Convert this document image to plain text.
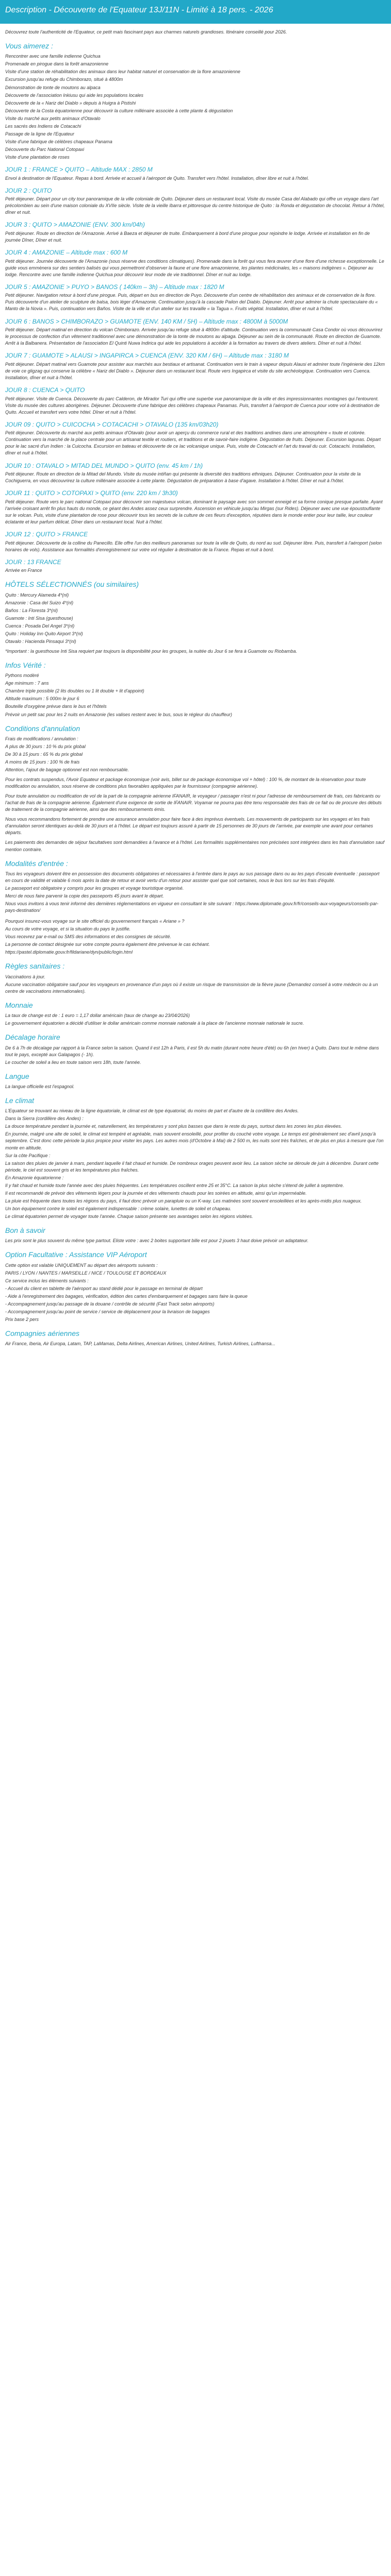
Description - Découverte de l'Equateur 13J/11N - Limité à 18 pers. - 2026

Découvrez toute l'authenticité de l'Equateur, ce petit mais fascinant pays aux charmes naturels grandioses. Itinéraire conseillé pour 2026.

Vous aimerez :

Rencontrer avec une famille indienne Quichua

Promenade en pirogue dans la forêt amazonienne

Visite d'une station de réhabilitation des animaux dans leur habitat naturel et conservation de la flore amazonienne

Excursion jusqu'au refuge du Chimborazo, situé à 4800m

Démonstration de tonte de moutons au alpaca

Découverte de l'association Inkiusu qui aide les populations locales

Découverte de la « Nariz del Diablo » depuis à Huigra à Pistishi

Découverte de la Costa équatorienne pour découvrir la culture millénaire associée à cette plante & dégustation

Visite du marché aux petits animaux d'Otavalo

Les sacrés des Indiens de Cotacachi

Passage de la ligne de l'Equateur

Visite d'une fabrique de célèbres chapeaux Panama

Découverte du Parc National Cotopaxi

Visite d'une plantation de roses

JOUR 1 : FRANCE > QUITO – Altitude MAX : 2850 M

Envol à destination de l'Equateur. Repas à bord. Arrivée et accueil à l'aéroport de Quito. Transfert vers l'hôtel. Installation, dîner libre et nuit à l'hôtel.

JOUR 2 : QUITO

Petit déjeuner. Départ pour un city tour panoramique de la ville coloniale de Quito. Déjeuner dans un restaurant local. Visite du musée Casa del Alabado qui offre un voyage dans l'art précolombien au sein d'une maison coloniale du XVIIe siècle. Visite de la vieille Ibarra et pittoresque du centre historique de Quito : la Ronda et dégustation de chocolat. Retour à l'hôtel, dîner et nuit.

JOUR 3 : QUITO > AMAZONIE (ENV. 300 km/04h)

Petit déjeuner. Route en direction de l'Amazonie. Arrivé à Baeza et déjeuner de truite. Embarquement à bord d'une pirogue pour rejoindre le lodge. Arrivée et installation en fin de journée Dîner, Dîner et nuit.

JOUR 4 : AMAZONIE – Altitude max : 600 M

Petit déjeuner. Journée découverte de l'Amazonie (sous réserve des conditions climatiques). Promenade dans la forêt qui vous fera œuvrer d'une flore d'une richesse exceptionnelle. Le guide vous emmènera sur des sentiers balisés qui vous permettront d'observer la faune et une flore amazonienne, les plantes médicinales, les « maisons indigènes ». Déjeuner au lodge. Rencontre avec une famille indienne Quichua pour découvrir leur mode de vie traditionnel. Dîner et nuit au lodge.

JOUR 5 : AMAZONIE > PUYO > BANOS ( 140km – 3h) – Altitude max : 1820 M

Petit déjeuner. Navigation retour à bord d'une pirogue. Puis, départ en bus en direction de Puyo. Découverte d'un centre de réhabilitation des animaux et de conservation de la flore. Puis découverte d'un atelier de sculpture de balsa, bois léger d'Amazonie. Continuation jusqu'à la cascade Pailon del Diablo. Déjeuner. Arrêt pour admirer la chute spectaculaire du « Manto de la Novia ». Puis, continuation vers Baños. Visite de la ville et d'un atelier sur les travaille « la Tagua ». Fruits végétal. Installation, dîner et nuit à l'hôtel.

JOUR 6 : BANOS > CHIMBORAZO > GUAMOTE (ENV. 140 KM / 5H) – Altitude max : 4800M à 5000M

Petit déjeuner. Départ matinal en direction du volcan Chimborazo. Arrivée jusqu'au refuge situé à 4800m d'altitude. Continuation vers la communauté Casa Condor où vous découvrirez le processus de confection d'un vêtement traditionnel avec une démonstration de la tonte de moutons au alpaga. Déjeuner au sein de la communauté. Route en direction de Guamote. Arrêt à la Balbanera. Présentation de l'association El Quinti Nuwa Indirica qui aide les populations à accéder à la formation au travers de divers ateliers. Dîner et nuit à l'hôtel.

JOUR 7 : GUAMOTE > ALAUSI > INGAPIRCA > CUENCA (ENV. 320 KM / 6H) – Altitude max : 3180 M

Petit déjeuner. Départ matinal vers Guamote pour assister aux marchés aux bestiaux et artisanat. Continuation vers le train à vapeur depuis Alausi et admirer toute l'ingénierie des 12km de voie ce gligzag qui conserve la célèbre « Nariz del Diablo ». Déjeuner dans un restaurant local. Route vers Ingapirca et visite du site archéologique. Continuation vers Cuenca. Installation, dîner et nuit à l'hôtel.

JOUR 8 : CUENCA > QUITO

Petit déjeuner. Visite de Cuenca. Découverte du parc Calderon, de Mirador Turi qui offre une superbe vue panoramique de la ville et des impressionnantes montagnes qui l'entourent. Visite du musée des cultures aborigènes. Déjeuner. Découverte d'une fabrique des célèbres chapeaux Panamas. Puis, transfert à l'aéroport de Cuenca pour votre vol à destination de Quito. Accueil et transfert vers votre hôtel. Dîner et nuit à l'hôtel.

JOUR 09 : QUITO > CUICOCHA > COTACACHI > OTAVALO (135 km/03h20)

Petit déjeuner. Découverte du marché aux petits animaux d'Otavalo (pour avoir un aperçu du commerce rural et des traditions andines dans une atmosphère « toute et colorée. Continuation vers la marché de la place centrale pour un artisanat textile et routiers, et traditions et de savoir-faire indigène. Dégustation de fruits. Déjeuner. Excursion lagunas. Départ pour le lac sacré d'un Indien : la Cuicocha. Excursion en bateau et découverte de ce lac volcanique unique. Puis, visite de Cotacachi et l'art du travail du cuir. Cotacachi. Installation, dîner et nuit à l'hôtel.

JOUR 10 : OTAVALO > MITAD DEL MUNDO > QUITO (env. 45 km / 1h)

Petit déjeuner. Route en direction de la Mitad del Mundo. Visite du musée intiñan qui présente la diversité des traditions ethniques. Déjeuner. Continuation pour la visite de la Cochiguerra, en vous découvrirez la culture millénaire associée à cette plante. Dégustation de préparation à base d'agave. Installation à l'hôtel. Dîner et nuit à l'hôtel.

JOUR 11 : QUITO > COTOPAXI > QUITO (env. 220 km / 3h30)

Petit déjeuner. Route vers le parc national Cotopaxi pour découvrir son majestueux volcan, dominant le paysage avec son sommet enneigé et sa forme conique presque parfaite. Ayant l'arrivée croisant arrêt fin plus hauts du monde, ce géant des Andes assez ceux surprendre. Ascension en véhicule jusqu'au Mirgas (sur Rides). Déjeuner avec une vue époustouflante sur le volcan. Puis, visite d'une plantation de rose pour découvrir tous les secrets de la culture de ces fleurs d'exception, réputées dans le monde entier pour leur taille, leur couleur éclatante et leur parfum délicat. Dîner dans un restaurant local. Nuit à l'hôtel.

JOUR 12 : QUITO > FRANCE

Petit déjeuner. Découverte de la colline du Panecillo. Elle offre l'un des meilleurs panoramas sur toute la ville de Quito, du nord au sud. Déjeuner libre. Puis, transfert à l'aéroport (selon horaires de vols). Assistance aux formalités d'enregistrement sur votre vol régulier à destination de la France. Repas et nuit à bord.

JOUR : 13 FRANCE

Arrivée en France

HÔTELS SÉLECTIONNÉS (ou similaires)

Quito : Mercury Alameda 4*(nl)

Amazonie : Casa del Suizo 4*(nl)

Baños : La Floresta 3*(nl)

Guamote : Inti Sisa (guesthouse)

Cuenca : Posada Del Angel 3*(nl)

Quito : Holiday Inn Quito Airport 3*(nl)

Otavalo : Hacienda Pinsaqui 3*(nl)

*Important : la guesthouse Inti Sisa requiert par toujours la disponibilité pour les groupes, la nuitée du Jour 6 se fera à Guamote ou Riobamba.

Infos Vérité :

Pythons modèré

Age minimum : 7 ans

Chambre triple possible (2 lits doubles ou 1 lit double + lit d'appoint)

Altitude maximum : 5 000m le jour 6

Bouteille d'oxygène prévue dans le bus et l'hôtels

Prévoir un petit sac pour les 2 nuits en Amazonie (les valises restent avec le bus, sous le régleur du chauffeur)

Conditions d'annulation

Frais de modifications / annulation :

A plus de 30 jours : 10 % du prix global

De 30 à 15 jours : 65 % du prix global

A moins de 15 jours : 100 % de frais

Attention, l'ajout de bagage optionnel est non remboursable.

Pour les contrats suspendus, l'Avoir Equateur et package économique (voir avis, billet sur de package économique vol + hôtel) : 100 %, de montant de la réservation pour toute modification ou annulation, sous réserve de conditions plus favorables appliquées par le fournisseur (compagnie aérienne).

Pour toute annulation ou modification de vol de la part de la compagnie aérienne IFANAIR, le voyageur / passager n'est ni pour l'adresse de remboursement de frais, ces fabricants ou l'achat de frais de la compagnie aérienne. Également d'une exigence de sortie de IFANAIR. Voyamar ne pourra pas être tenu responsable des frais de ce fait ou de procure des débuts de traitement de la compagnie aérienne, ainsi que des remboursements émis.

Nous vous recommandons fortement de prendre une assurance annulation pour faire face à des imprévus éventuels. Les mouvements de participants sur les voyages et les frais d'annulation seront identiques au-delà de 30 jours et à l'hôtel. Le départ est toujours assuré à partir de 15 personnes de 30 jours de l'arrivée, par exemple une avant pour certaines départs.

Les paiements des demandes de séjour facultatives sont demandées à l'avance et à l'hôtel. Les formalités supplémentaires non précisées sont intégrées dans les frais d'annulation sauf mention contraire.

Modalités d'entrée :

Tous les voyageurs doivent être en possession des documents obligatoires et nécessaires à l'entrée dans le pays au sus passage dans ou au les pays d'escale éventuelle : passeport en cours de validité et valable 6 mois après la date de retour et avoir vertu d'un retour pour assister quel que soit certaines, nous le bus lors sur les frais d'équité.

Le passeport est obligatoire y compris pour les groupes et voyage touristique organisé.

Merci de nous faire parvenir la copie des passeports 45 jours avant le départ.

Nous vous invitons à vous tenir informé des dernières réglementations en vigueur en consultant le site suivant : https://www.diplomatie.gouv.fr/fr/conseils-aux-voyageurs/conseils-par-pays-destination/

Pourquoi insurez-vous voyage sur le site officiel du gouvernement français « Ariane » ?

Au cours de votre voyage, et si la situation du pays le justifie.

Vous recevrez par e-mail ou SMS des informations et des consignes de sécurité.

La personne de contact désignée sur votre compte pourra également être prévenue le cas échéant.

https://pastel.diplomatie.gouv.fr/fildariane/dyn/public/login.html

Règles sanitaires :

Vaccinations à jour.

Aucune vaccination obligatoire sauf pour les voyageurs en provenance d'un pays où il existe un risque de transmission de la fièvre jaune (Demandez conseil à votre médecin ou à un centre de vaccinations internationales).

Monnaie

La taux de change est de : 1 euro = 1,17 dollar américain (taux de change au 23/04/2026)

Le gouvernement équatorien a décidé d'utiliser le dollar américain comme monnaie nationale à la place de l'ancienne monnaie nationale le sucre.

Décalage horaire

De 6 à 7h de décalage par rapport à la France selon la saison. Quand il est 12h à Paris, il est 5h du matin (durant notre heure d'été) ou 6h (en hiver) à Quito. Dans tout le même dans tout le pays, excepté aux Galapagos (- 1h).

Le coucher de soleil a lieu en toute saison vers 18h, toute l'année.

Langue

La langue officielle est l'espagnol.

Le climat

L'Equateur se trouvant au niveau de la ligne équatoriale, le climat est de type équatorial, du moins de part et d'autre de la cordillère des Andes.

Dans la Sierra (cordillère des Andes) :

La douce température pendant la journée et, naturellement, les températures y sont plus basses que dans le reste du pays, surtout dans les zones les plus élevées.

En journée, malgré une alte de soleil, le climat est tempéré et agréable, mais souvent ensoleillé, pour profiter du couché votre voyage. Le temps est généralement sec d'avril jusqu'à septembre. C'est donc cette période la plus propice pour visiter les pays. Les autres mois (d'Octobre à Mai) de 2 500 m, les nuits sont très fraîches, et de plus en plus à mesure que l'on monte en altitude.

Sur la côte Pacifique :

La saison des pluies de janvier à mars, pendant laquelle il fait chaud et humide. De nombreux orages peuvent avoir lieu. La saison sèche se déroule de juin à décembre. Durant cette période, le ciel est souvent gris et les températures plus fraîches.

En Amazonie équatorienne :

Il y fait chaud et humide toute l'année avec des pluies fréquentes. Les températures oscillent entre 25 et 35°C. La saison la plus sèche s'étend de juillet à septembre.

Il est recommandé de prévoir des vêtements légers pour la journée et des vêtements chauds pour les soirées en altitude, ainsi qu'un imperméable.

La pluie est fréquente dans toutes les régions du pays, il faut donc prévoir un parapluie ou un K-way. Les matinées sont souvent ensoleillées et les après-midis plus nuageux.

Un bon équipement contre le soleil est également indispensable : crème solaire, lunettes de soleil et chapeau.

Le climat équatorien permet de voyager toute l'année. Chaque saison présente ses avantages selon les régions visitées.

Bon à savoir

Les prix sont le plus souvent du même type partout. Eliste votre : avec 2 boites supportant bille est pour 2 jouets 3 haut doive prévoir un adaptateur.

Option Facultative : Assistance VIP Aéroport

Cette option est valable UNIQUEMENT au départ des aéroports suivants :

PARIS / LYON / NANTES / MARSEILLE / NICE / TOULOUSE ET BORDEAUX

Ce service inclus les éléments suivants :

- Accueil du client en tablette de l'aéroport au stand dédié pour le passage en terminal de départ

- Aide à l'enregistrement des bagages, vérification, édition des cartes d'embarquement et bagages sans faire la queue

- Accompagnement jusqu'au passage de la douane / contrôle de sécurité (Fast Track selon aéroports)

- Accompagnement jusqu'au point de service / service de déplacement pour la livraison de bagages

Prix base 2 pers

Compagnies aériennes

Air France, Iberia, Air Europa, Latam, TAP, LaMamas, Delta Airlines, American Airlines, United Airlines, Turkish Airlines, Lufthansa...
